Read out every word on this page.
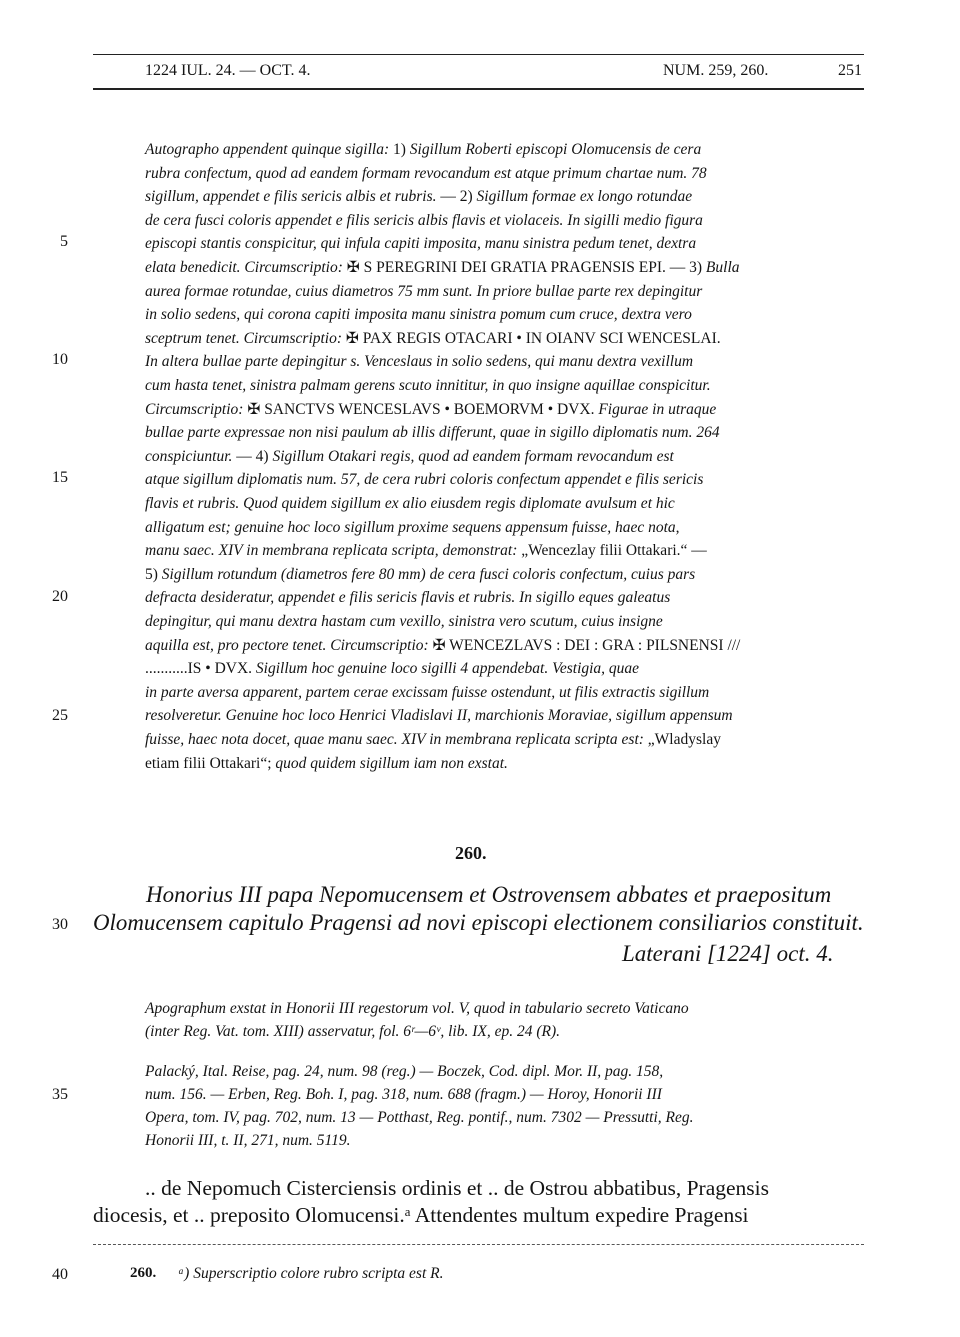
1224 IUL. 24. — OCT. 4.	NUM. 259, 260.	251
Autographo appendent quinque sigilla: 1) Sigillum Roberti episcopi Olomucensis de cera
rubra confectum, quod ad eandem formam revocandum est atque primum chartae num. 78
sigillum, appendet e filis sericis albis et rubris. — 2) Sigillum formae ex longo rotundae
de cera fusci coloris appendet e filis sericis albis flavis et violaceis. In sigilli medio figura
episcopi stantis conspicitur, qui infula capiti imposita, manu sinistra pedum tenet, dextra
elata benedicit. Circumscriptio: ✠ S PEREGRINI DEI GRATIA PRAGENSIS EPI. — 3) Bulla
aurea formae rotundae, cuius diametros 75 mm sunt. In priore bullae parte rex depingitur
in solio sedens, qui corona capiti imposita manu sinistra pomum cum cruce, dextra vero
sceptrum tenet. Circumscriptio: ✠ PAX REGIS OTACARI • IN OIANV SCI WENCESLAI.
In altera bullae parte depingitur s. Venceslaus in solio sedens, qui manu dextra vexillum
cum hasta tenet, sinistra palmam gerens scuto innititur, in quo insigne aquillae conspicitur.
Circumscriptio: ✠ SANCTVS WENCESLAVS • BOEMORVM • DVX. Figurae in utraque
bullae parte expressae non nisi paulum ab illis differunt, quae in sigillo diplomatis num. 264
conspiciuntur. — 4) Sigillum Otakari regis, quod ad eandem formam revocandum est
atque sigillum diplomatis num. 57, de cera rubri coloris confectum appendet e filis sericis
flavis et rubris. Quod quidem sigillum ex alio eiusdem regis diplomate avulsum et hic
alligatum est; genuine hoc loco sigillum proxime sequens appensum fuisse, haec nota,
manu saec. XIV in membrana replicata scripta, demonstrat: „Wencezlay filii Ottakari.“ —
5) Sigillum rotundum (diametros fere 80 mm) de cera fusci coloris confectum, cuius pars
defracta desideratur, appendet e filis sericis flavis et rubris. In sigillo eques galeatus
depingitur, qui manu dextra hastam cum vexillo, sinistra vero scutum, cuius insigne
aquilla est, pro pectore tenet. Circumscriptio: ✠ WENCEZLAVS : DEI : GRA : PILSNENSI ///
...........IS • DVX. Sigillum hoc genuine loco sigilli 4 appendebat. Vestigia, quae
in parte aversa apparent, partem cerae excissam fuisse ostendunt, ut filis extractis sigillum
resolveretur. Genuine hoc loco Henrici Vladislavi II, marchionis Moraviae, sigillum appensum
fuisse, haec nota docet, quae manu saec. XIV in membrana replicata scripta est: „Wladyslay
etiam filii Ottakari“; quod quidem sigillum iam non exstat.
5
10
15
20
25
260.
Honorius III papa Nepomucensem et Ostrovensem abbates et praepositum
30 Olomucensem capitulo Pragensi ad novi episcopi electionem consiliarios constituit.
Laterani [1224] oct. 4.
Apographum exstat in Honorii III regestorum vol. V, quod in tabulario secreto Vaticano
(inter Reg. Vat. tom. XIII) asservatur, fol. 6ʳ—6ᵛ, lib. IX, ep. 24 (R).
Palacký, Ital. Reise, pag. 24, num. 98 (reg.) — Boczek, Cod. dipl. Mor. II, pag. 158,
35	num. 156. — Erben, Reg. Boh. I, pag. 318, num. 688 (fragm.) — Horoy, Honorii III
Opera, tom. IV, pag. 702, num. 13 — Potthast, Reg. pontif., num. 7302 — Pressutti, Reg.
Honorii III, t. II, 271, num. 5119.
.. de Nepomuch Cisterciensis ordinis et .. de Ostrou abbatibus, Pragensis
diocesis, et .. preposito Olomucensi.ᵃ Attendentes multum expedire Pragensi
40	260. ᵃ) Superscriptio colore rubro scripta est R.
